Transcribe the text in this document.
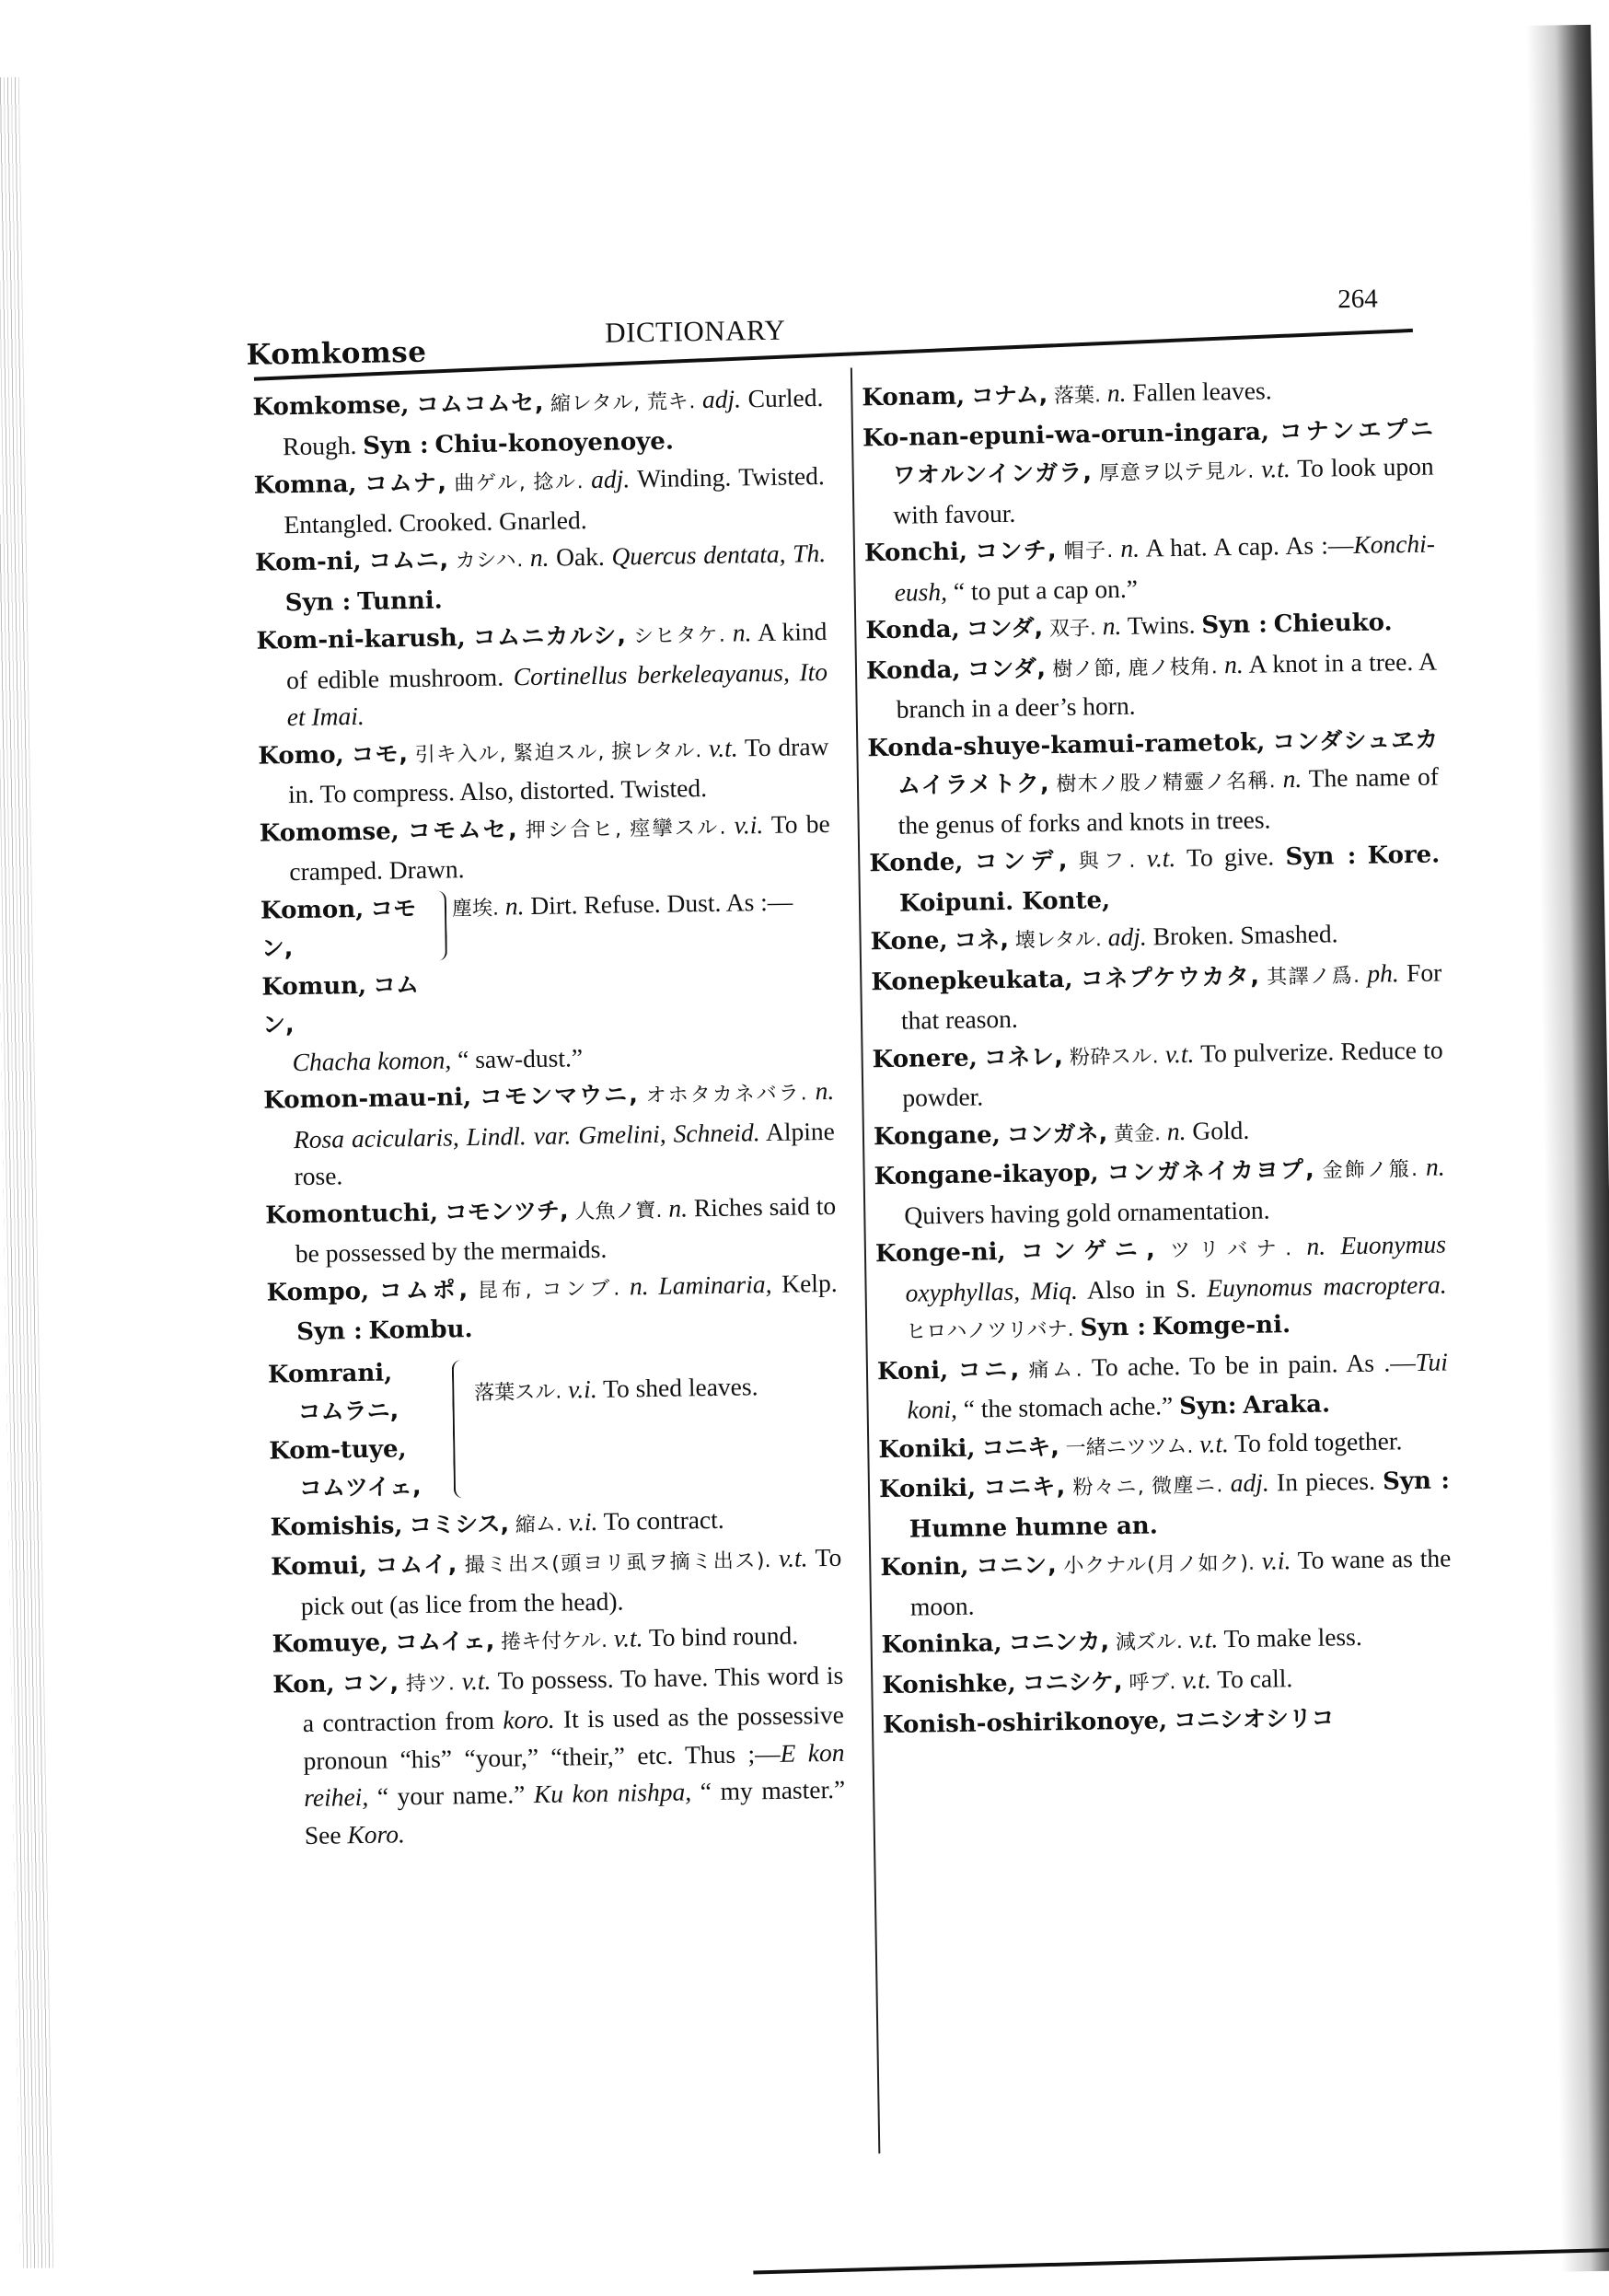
Komkomse
DICTIONARY
264

Komkomse, コムコムセ, 縮レタル, 荒キ. adj. Curled. Rough. Syn : Chiu-konoyenoye.

Komna, コムナ, 曲ゲル, 捻ル. adj. Winding. Twisted. Entangled. Crooked. Gnarled.

Kom-ni, コムニ, カシハ. n. Oak. Quercus dentata, Th. Syn : Tunni.

Kom-ni-karush, コムニカルシ, シヒタケ. n. A kind of edible mushroom. Cortinellus berkeleayanus, Ito et Imai.

Komo, コモ, 引キ入ル, 緊迫スル, 捩レタル. v.t. To draw in. To compress. Also, distorted. Twisted.

Komomse, コモムセ, 押シ合ヒ, 痙攣スル. v.i. To be cramped. Drawn.

Komon, コモン,
Komun, コムン,
塵埃. n. Dirt. Refuse. Dust. As :—

Chacha komon, “ saw-dust.”

Komon-mau-ni, コモンマウニ, オホタカネバラ. n. Rosa acicularis, Lindl. var. Gmelini, Schneid. Alpine rose.

Komontuchi, コモンツチ, 人魚ノ寶. n. Riches said to be possessed by the mermaids.

Kompo, コムポ, 昆布, コンブ. n. Laminaria, Kelp. Syn : Kombu.

Komrani,
コムラニ,
Kom-tuye,
コムツイェ,
落葉スル. v.i. To shed leaves.

Komishis, コミシス, 縮ム. v.i. To contract.

Komui, コムイ, 撮ミ出ス(頭ヨリ虱ヲ摘ミ出ス). v.t. To pick out (as lice from the head).

Komuye, コムイェ, 捲キ付ケル. v.t. To bind round.

Kon, コン, 持ツ. v.t. To possess. To have. This word is a contraction from koro. It is used as the possessive pronoun “his” “your,” “their,” etc. Thus ;—E kon reihei, “ your name.” Ku kon nishpa, “ my master.” See Koro.

Konam, コナム, 落葉. n. Fallen leaves.

Ko-nan-epuni-wa-orun-ingara, コナンエプニワオルンインガラ, 厚意ヲ以テ見ル. v.t. To look upon with favour.

Konchi, コンチ, 帽子. n. A hat. A cap. As :—Konchi-eush, “ to put a cap on.”

Konda, コンダ, 双子. n. Twins. Syn : Chieuko.

Konda, コンダ, 樹ノ節, 鹿ノ枝角. n. A knot in a tree. A branch in a deer’s horn.

Konda-shuye-kamui-rametok, コンダシュヱカムイラメトク, 樹木ノ股ノ精靈ノ名稱. n. The name of the genus of forks and knots in trees.

Konde, コンデ, 與フ. v.t. To give. Syn : Kore. Koipuni. Konte,

Kone, コネ, 壊レタル. adj. Broken. Smashed.

Konepkeukata, コネプケウカタ, 其譯ノ爲. ph. For that reason.

Konere, コネレ, 粉砕スル. v.t. To pulverize. Reduce to powder.

Kongane, コンガネ, 黄金. n. Gold.

Kongane-ikayop, コンガネイカヨプ, 金飾ノ箙. n. Quivers having gold ornamentation.

Konge-ni, コンゲニ, ツリバナ. n. Euonymus oxyphyllas, Miq. Also in S. Euynomus macroptera. ヒロハノツリバナ. Syn : Komge-ni.

Koni, コニ, 痛ム. To ache. To be in pain. As .—Tui koni, “ the stomach ache.” Syn: Araka.

Koniki, コニキ, 一緒ニツツム. v.t. To fold together.

Koniki, コニキ, 粉々ニ, 微塵ニ. adj. In pieces. Syn : Humne humne an.

Konin, コニン, 小クナル(月ノ如ク). v.i. To wane as the moon.

Koninka, コニンカ, 減ズル. v.t. To make less.

Konishke, コニシケ, 呼ブ. v.t. To call.

Konish-oshirikonoye, コニシオシリコ
